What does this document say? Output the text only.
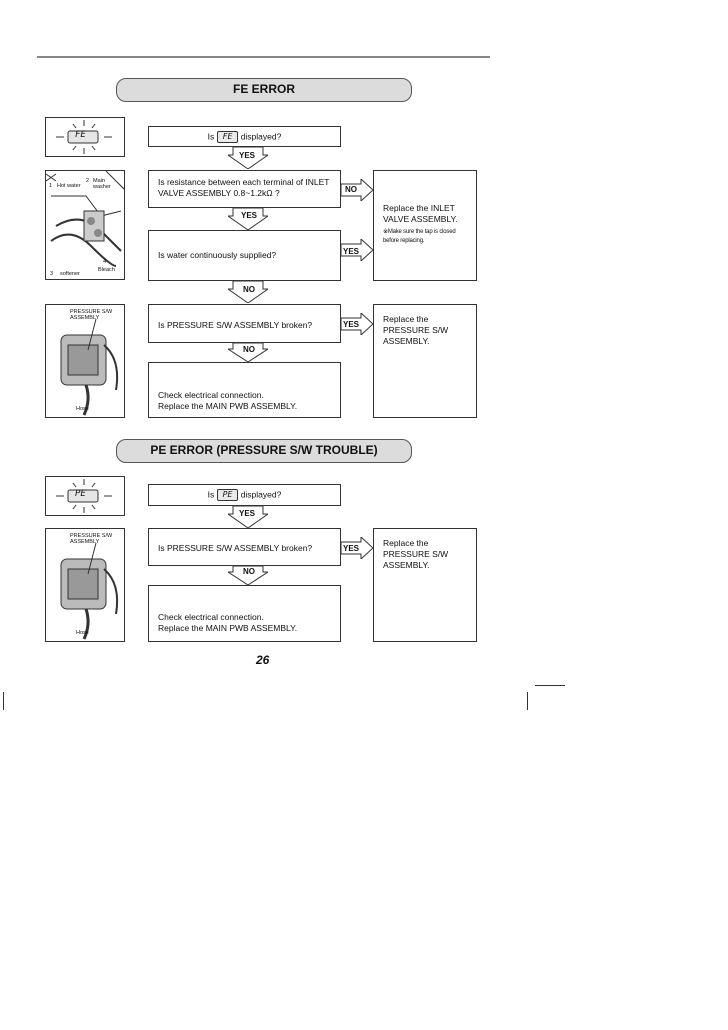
FE ERROR
FE	Is FE displayed?
YES
1 Hot water
2 Main washer
4
Bleach
3 softener
Is resistance between each terminal of INLET VALVE ASSEMBLY 0.8~1.2kΩ ?	NO
YES
Is water continuously supplied?	YES
Replace the INLET VALVE ASSEMBLY.
※Make sure the tap is closed before replacing.
NO
PRESSURE S/W ASSEMBLY
Hose
Is PRESSURE S/W ASSEMBLY broken?	YES
Replace the PRESSURE S/W ASSEMBLY.
NO

Check electrical connection.
Replace the MAIN PWB ASSEMBLY.

PE ERROR (PRESSURE S/W TROUBLE)
PE	Is PE displayed?
YES
PRESSURE S/W ASSEMBLY
Hose
Is PRESSURE S/W ASSEMBLY broken?	YES
Replace the PRESSURE S/W ASSEMBLY.
NO

Check electrical connection.
Replace the MAIN PWB ASSEMBLY.

26
